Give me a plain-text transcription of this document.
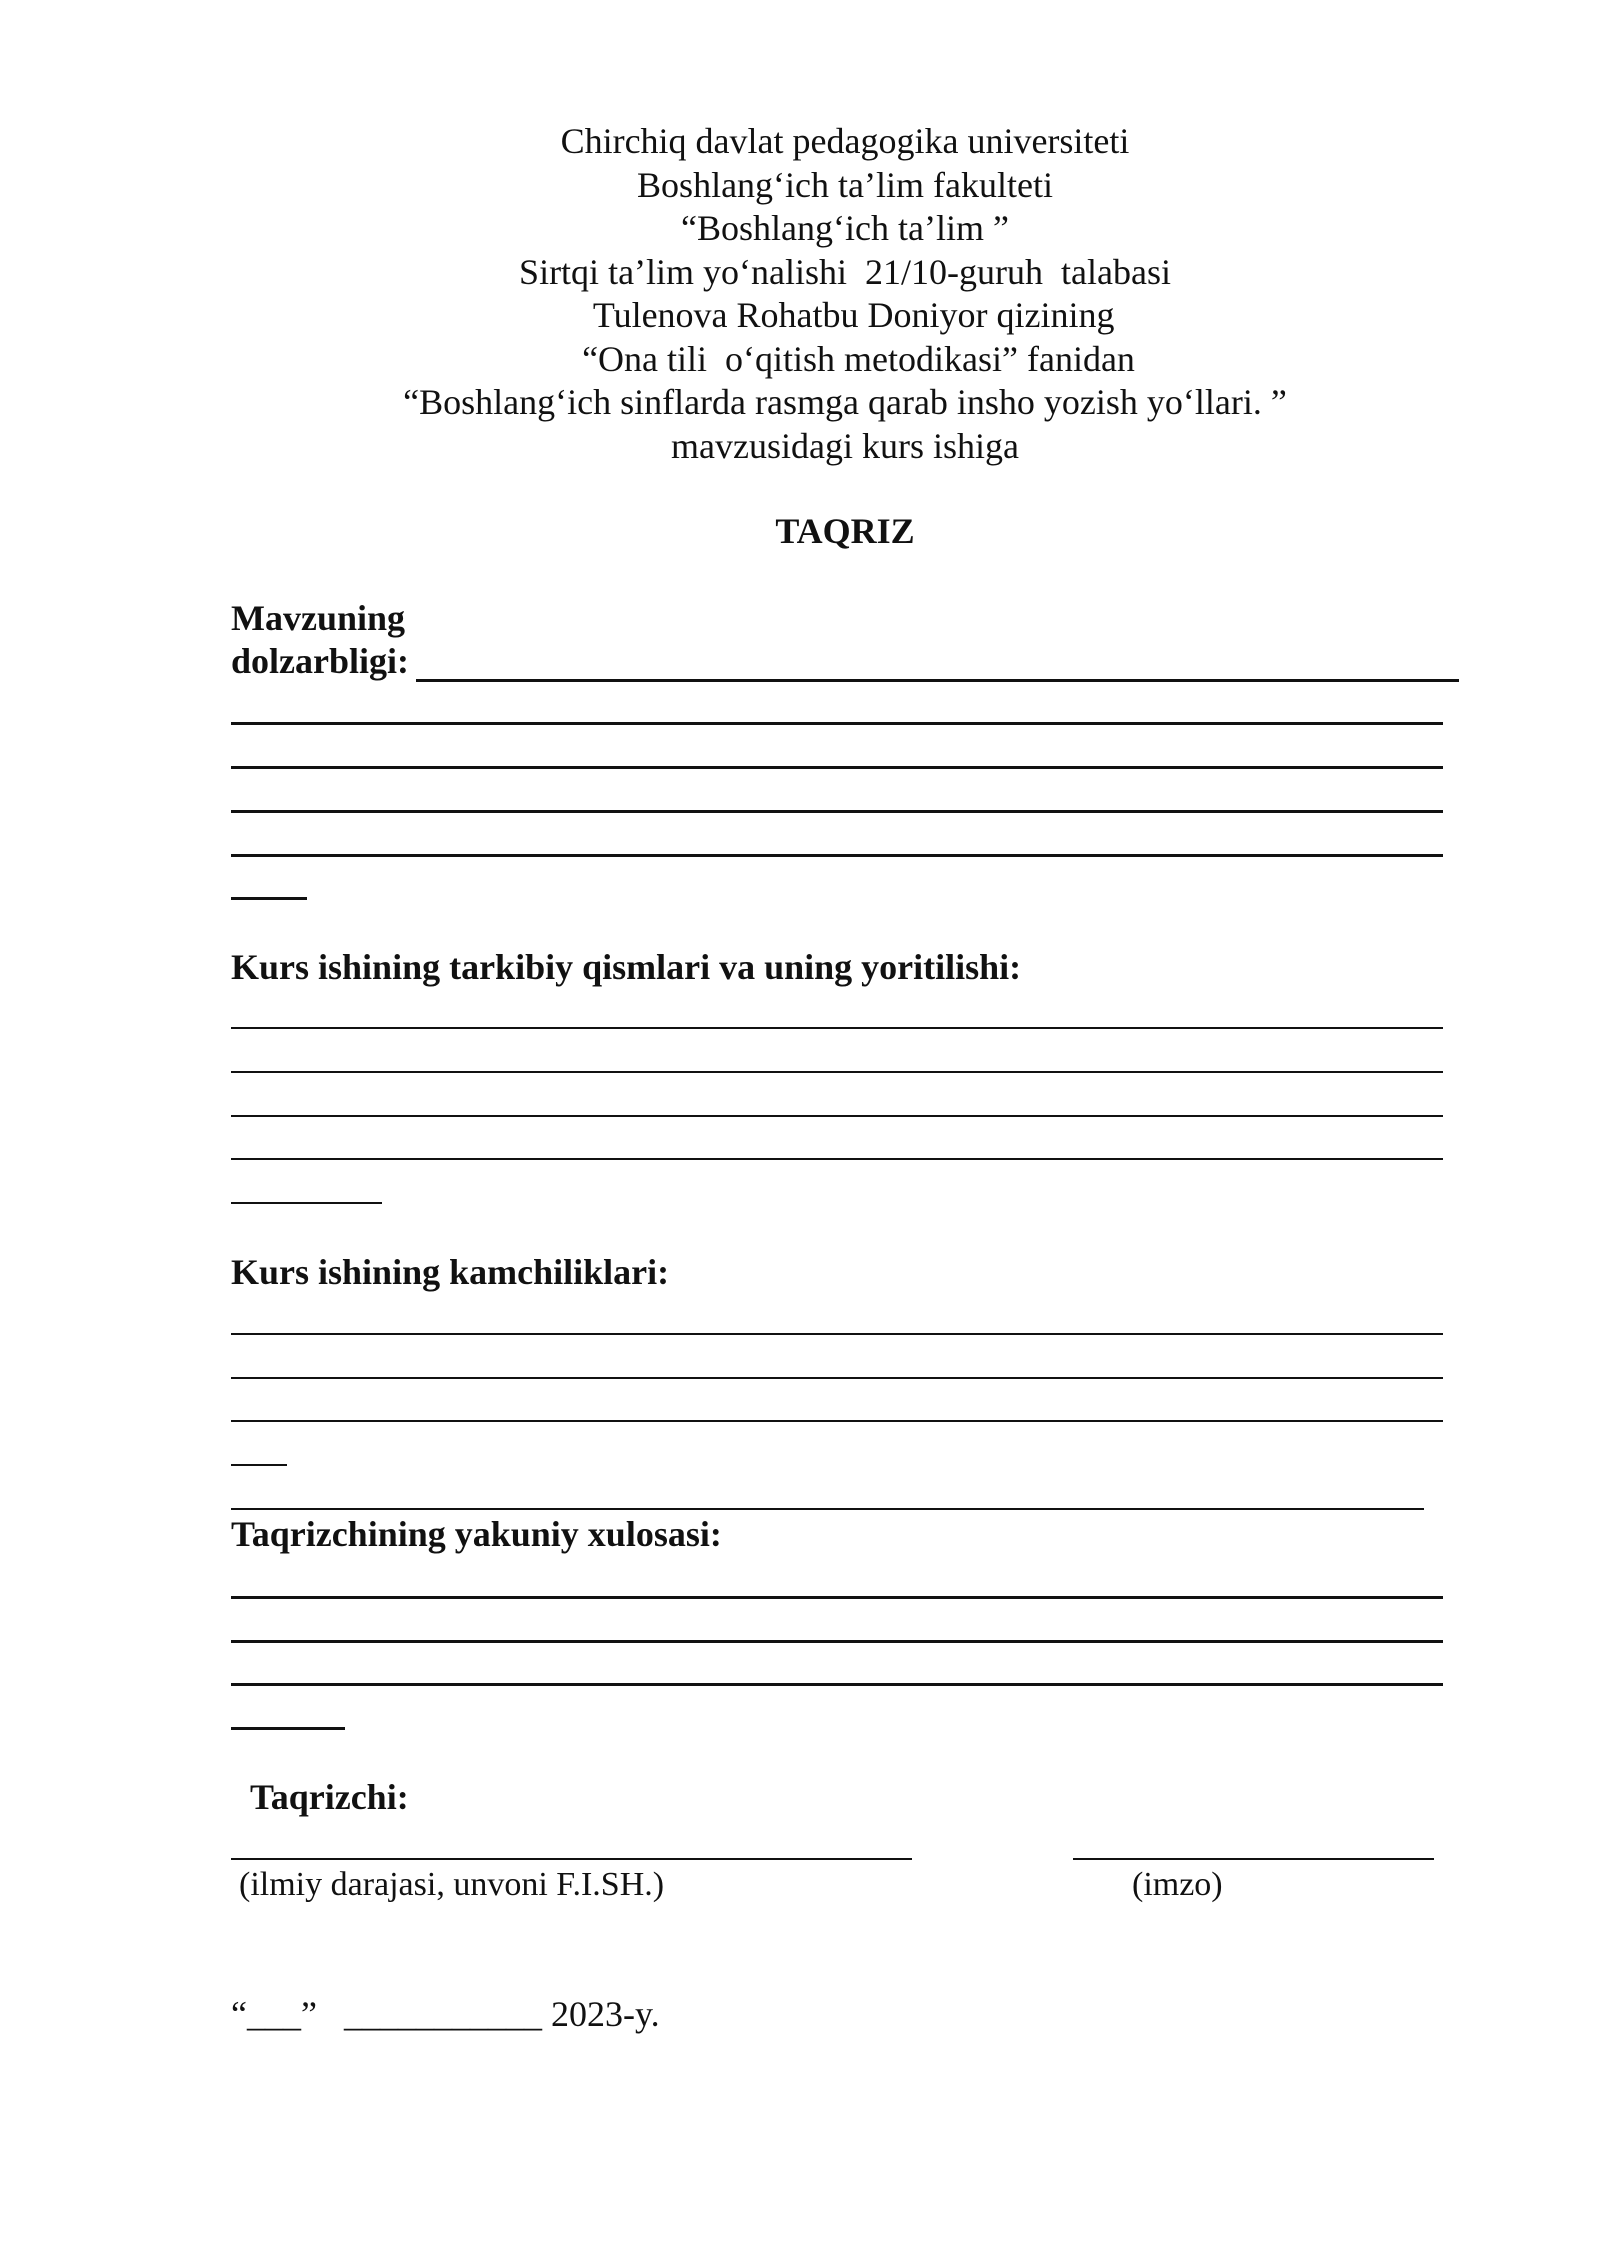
Chirchiq davlat pedagogika universiteti
Boshlang‘ich ta’lim fakulteti
“Boshlang‘ich ta’lim ”
Sirtqi ta’lim yo‘nalishi  21/10-guruh  talabasi
Tulenova Rohatbu Doniyor qizining
“Ona tili  o‘qitish metodikasi” fanidan
“Boshlang‘ich sinflarda rasmga qarab insho yozish yo‘llari. ”
mavzusidagi kurs ishiga
TAQRIZ
Mavzuning
dolzarbligi:
Kurs ishining tarkibiy qismlari va uning yoritilishi:
Kurs ishining kamchiliklari:
Taqrizchining yakuniy xulosasi:
Taqrizchi:
(ilmiy darajasi, unvoni F.I.SH.)	(imzo)
“___”   ___________ 2023-y.
